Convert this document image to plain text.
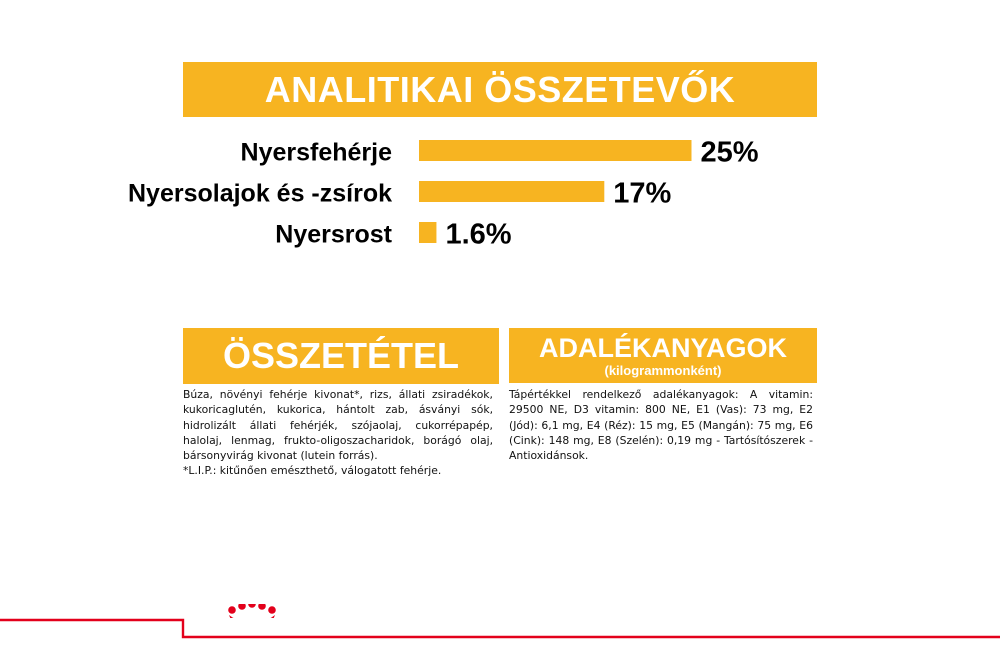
ANALITIKAI ÖSSZETEVŐK
Nyersfehérje	25%
Nyersolajok és -zsírok	17%
Nyersrost 1.6%
ÖSSZETÉTEL	ADALÉKANYAGOK
(kilogrammonként)
Búza, növényi fehérje kivonat*, rizs, állati zsiradékok, kukoricaglutén, kukorica, hántolt zab, ásványi sók, hidrolizált állati fehérjék, szójaolaj, cukorrépapép, halolaj, lenmag, frukto-oligoszacharidok, borágó olaj, bársonyvirág kivonat (lutein forrás).
*L.I.P.: kitűnően emészthető, válogatott fehérje.
Tápértékkel rendelkező adalékanyagok: A vitamin: 29500 NE, D3 vitamin: 800 NE, E1 (Vas): 73 mg, E2 (Jód): 6,1 mg, E4 (Réz): 15 mg, E5 (Mangán): 75 mg, E6 (Cink): 148 mg, E8 (Szelén): 0,19 mg - Tartósítószerek - Antioxidánsok.
